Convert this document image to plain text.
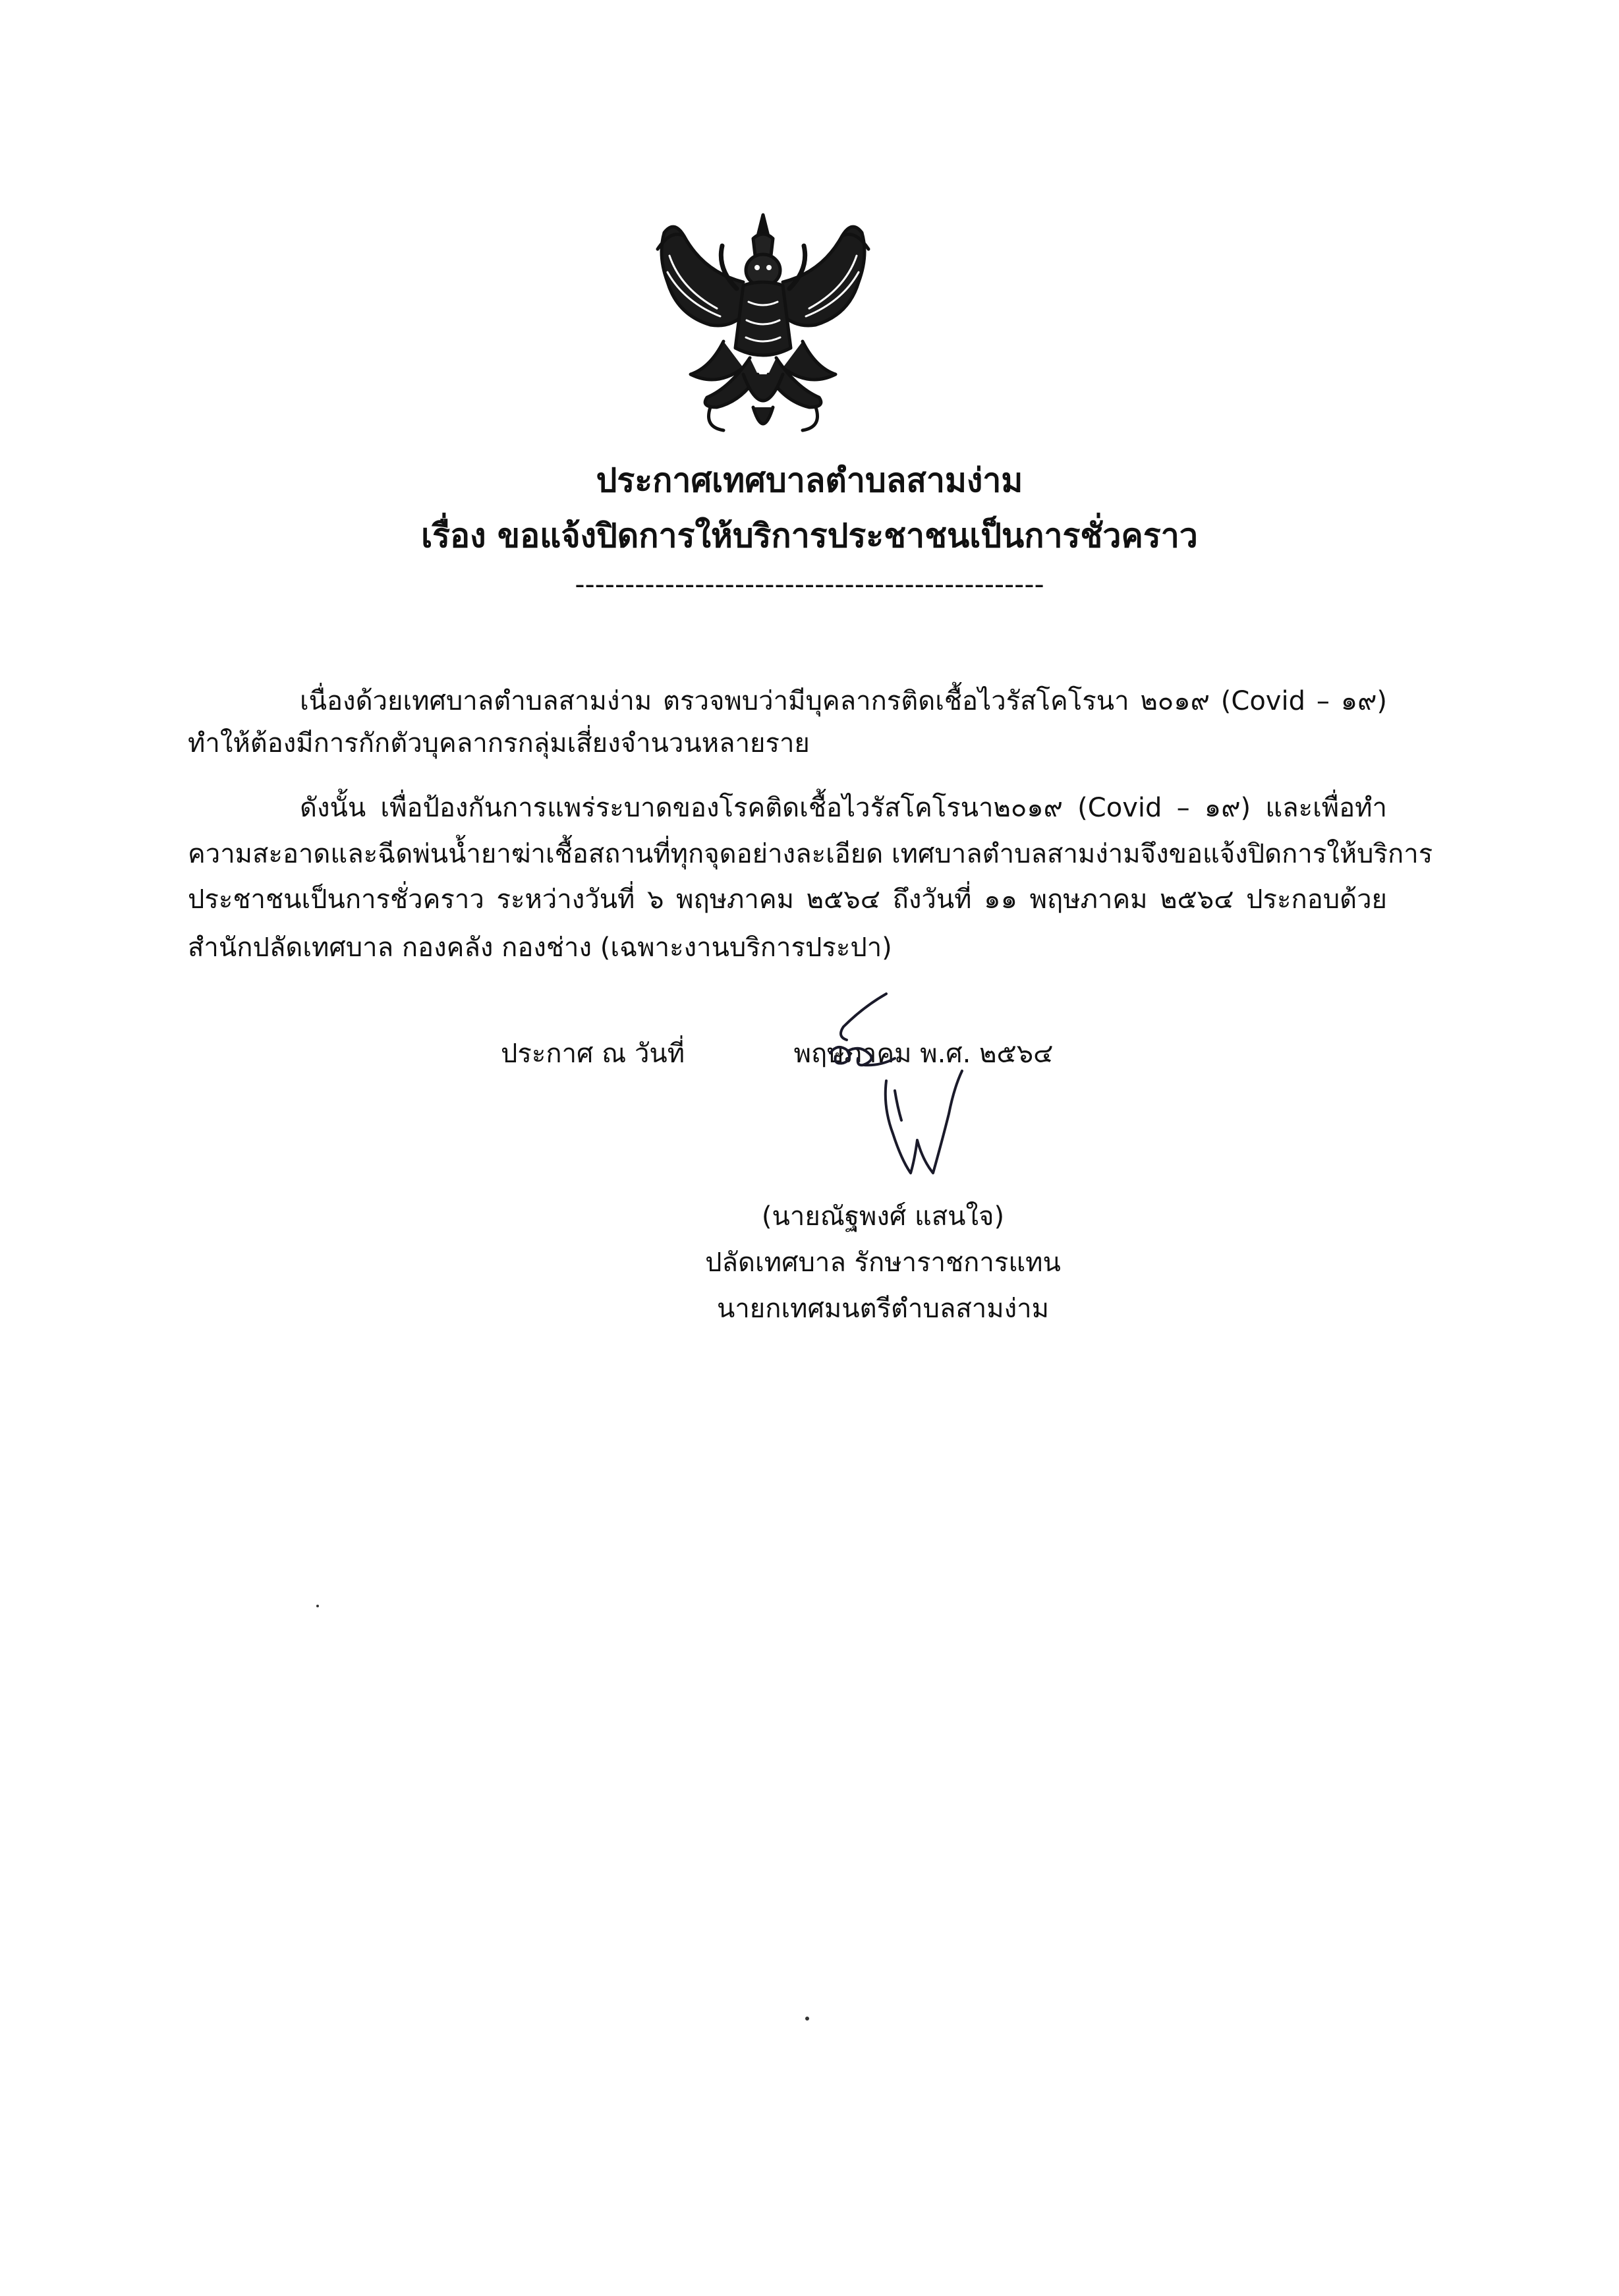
ประกาศเทศบาลตำบลสามง่าม
เรื่อง ขอแจ้งปิดการให้บริการประชาชนเป็นการชั่วคราว
-----------------------------------------------
เนื่องด้วยเทศบาลตำบลสามง่าม ตรวจพบว่ามีบุคลากรติดเชื้อไวรัสโคโรนา ๒๐๑๙ (Covid – ๑๙)
ทำให้ต้องมีการกักตัวบุคลากรกลุ่มเสี่ยงจำนวนหลายราย
ดังนั้น เพื่อป้องกันการแพร่ระบาดของโรคติดเชื้อไวรัสโคโรนา๒๐๑๙ (Covid – ๑๙) และเพื่อทำ
ความสะอาดและฉีดพ่นน้ำยาฆ่าเชื้อสถานที่ทุกจุดอย่างละเอียด เทศบาลตำบลสามง่ามจึงขอแจ้งปิดการให้บริการ
ประชาชนเป็นการชั่วคราว ระหว่างวันที่ ๖ พฤษภาคม ๒๕๖๔ ถึงวันที่ ๑๑ พฤษภาคม ๒๕๖๔ ประกอบด้วย
สำนักปลัดเทศบาล กองคลัง กองช่าง (เฉพาะงานบริการประปา)
ประกาศ ณ วันที่	พฤษภาคม พ.ศ. ๒๕๖๔
(นายณัฐพงศ์ แสนใจ)
ปลัดเทศบาล รักษาราชการแทน
นายกเทศมนตรีตำบลสามง่าม
